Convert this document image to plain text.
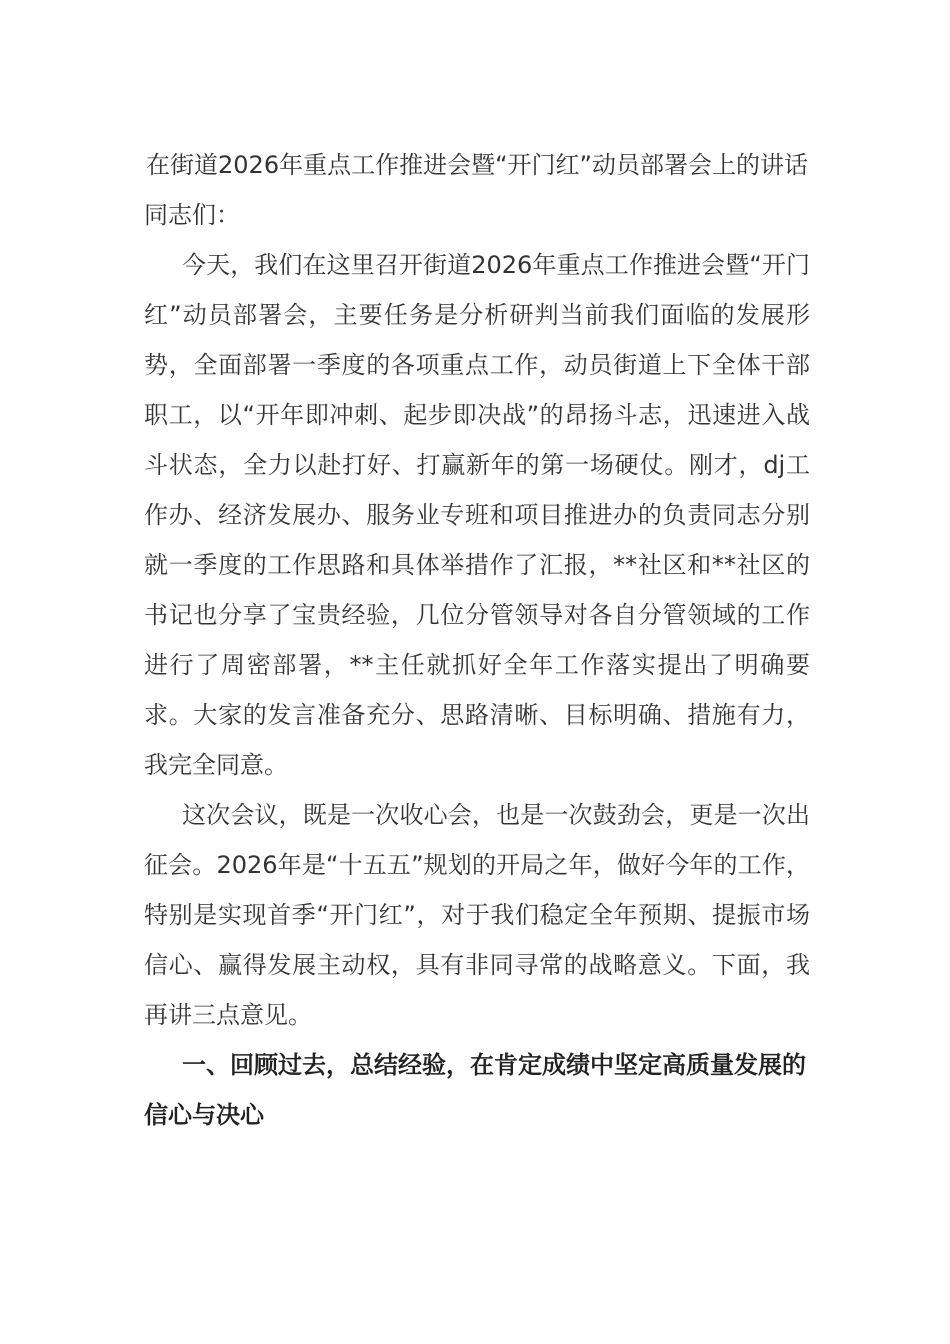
在街道2026年重点工作推进会暨“开门红”动员部署会上的讲话

同志们：

今天，我们在这里召开街道2026年重点工作推进会暨“开门红”动员部署会，主要任务是分析研判当前我们面临的发展形势，全面部署一季度的各项重点工作，动员街道上下全体干部职工，以“开年即冲刺、起步即决战”的昂扬斗志，迅速进入战斗状态，全力以赴打好、打赢新年的第一场硬仗。刚才，dj工作办、经济发展办、服务业专班和项目推进办的负责同志分别就一季度的工作思路和具体举措作了汇报，**社区和**社区的书记也分享了宝贵经验，几位分管领导对各自分管领域的工作进行了周密部署，**主任就抓好全年工作落实提出了明确要求。大家的发言准备充分、思路清晰、目标明确、措施有力，我完全同意。

这次会议，既是一次收心会，也是一次鼓劲会，更是一次出征会。2026年是“十五五”规划的开局之年，做好今年的工作，特别是实现首季“开门红”，对于我们稳定全年预期、提振市场信心、赢得发展主动权，具有非同寻常的战略意义。下面，我再讲三点意见。

一、回顾过去，总结经验，在肯定成绩中坚定高质量发展的信心与决心
